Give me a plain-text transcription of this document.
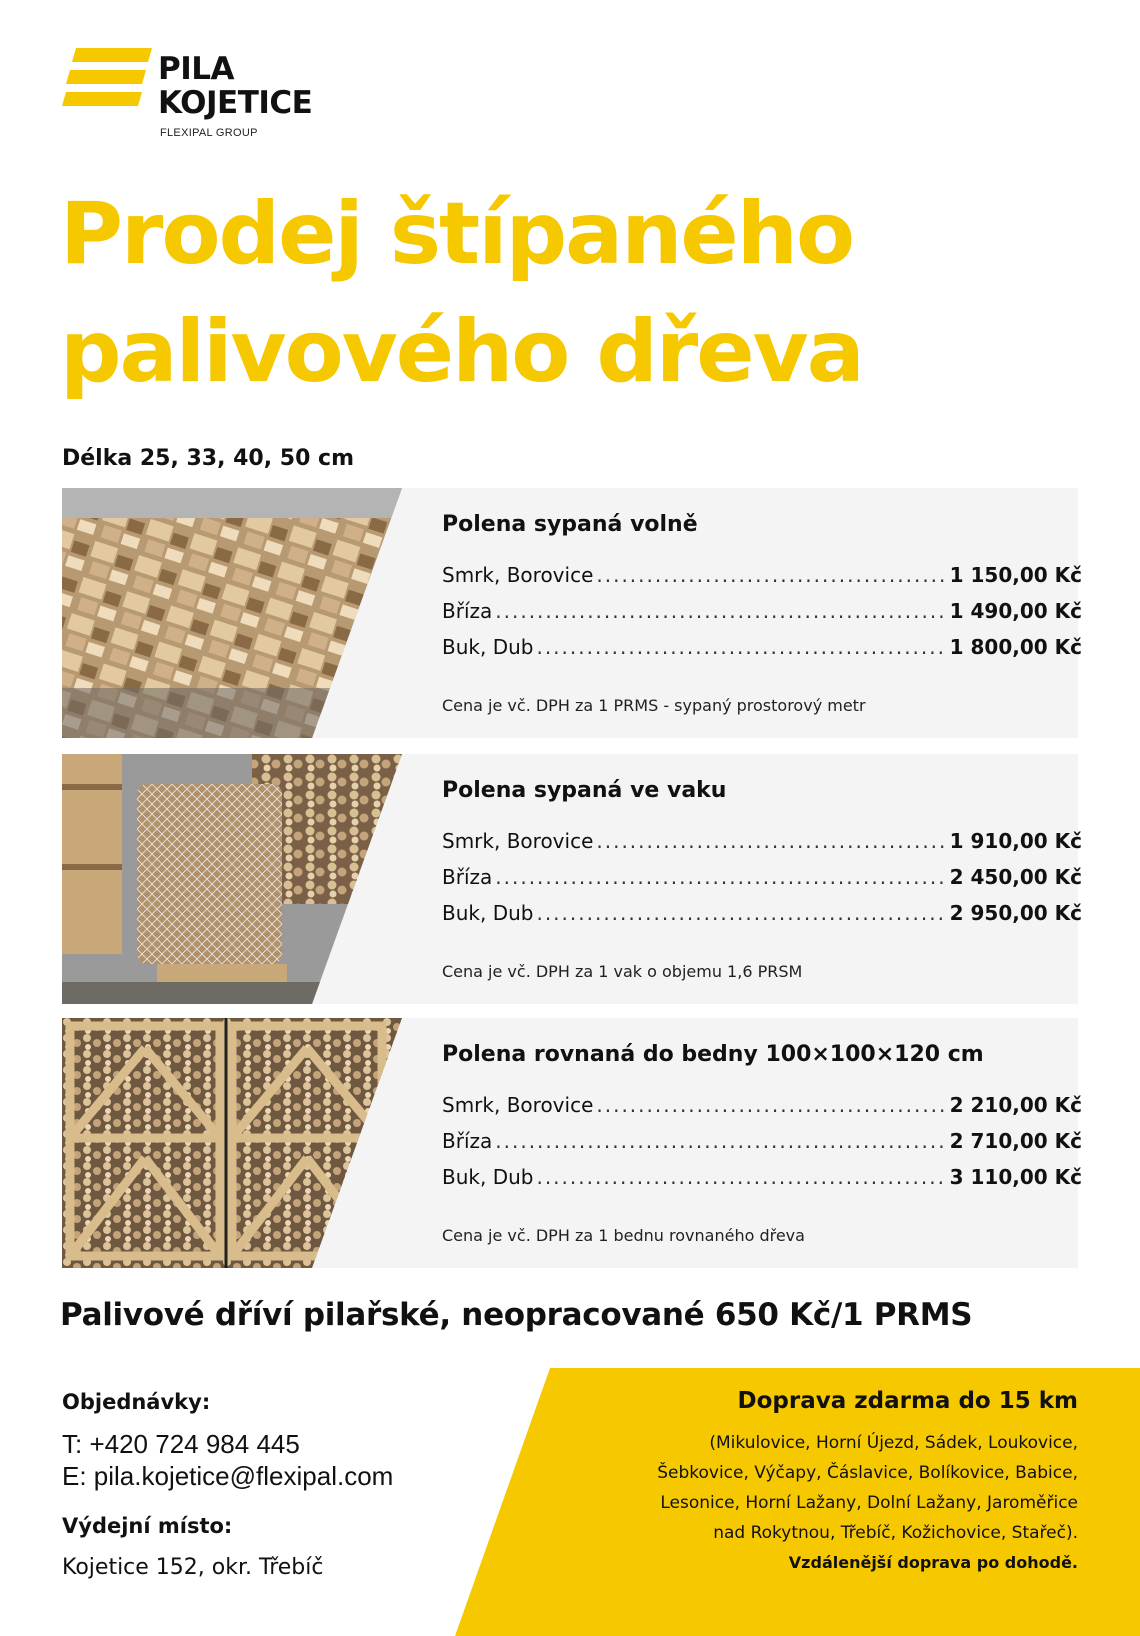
PILA
KOJETICE
FLEXIPAL GROUP
Prodej štípaného
palivového dřeva
Délka 25, 33, 40, 50 cm
Polena sypaná volně
Smrk, Borovice .....	1 150,00 Kč
Bříza .....	1 490,00 Kč
Buk, Dub .....	1 800,00 Kč
Cena je vč. DPH za 1 PRMS - sypaný prostorový metr
Polena sypaná ve vaku
Smrk, Borovice .....	1 910,00 Kč
Bříza .....	2 450,00 Kč
Buk, Dub .....	2 950,00 Kč
Cena je vč. DPH za 1 vak o objemu 1,6 PRSM
Polena rovnaná do bedny 100×100×120 cm
Smrk, Borovice .....	2 210,00 Kč
Bříza .....	2 710,00 Kč
Buk, Dub .....	3 110,00 Kč
Cena je vč. DPH za 1 bednu rovnaného dřeva
Palivové dříví pilařské, neopracované 650 Kč/1 PRMS
Objednávky:
T: +420 724 984 445
E: pila.kojetice@flexipal.com
Výdejní místo:
Kojetice 152, okr. Třebíč
Doprava zdarma do 15 km
(Mikulovice, Horní Újezd, Sádek, Loukovice,
Šebkovice, Výčapy, Čáslavice, Bolíkovice, Babice,
Lesonice, Horní Lažany, Dolní Lažany, Jaroměřice
nad Rokytnou, Třebíč, Kožichovice, Stařeč).
Vzdálenější doprava po dohodě.
